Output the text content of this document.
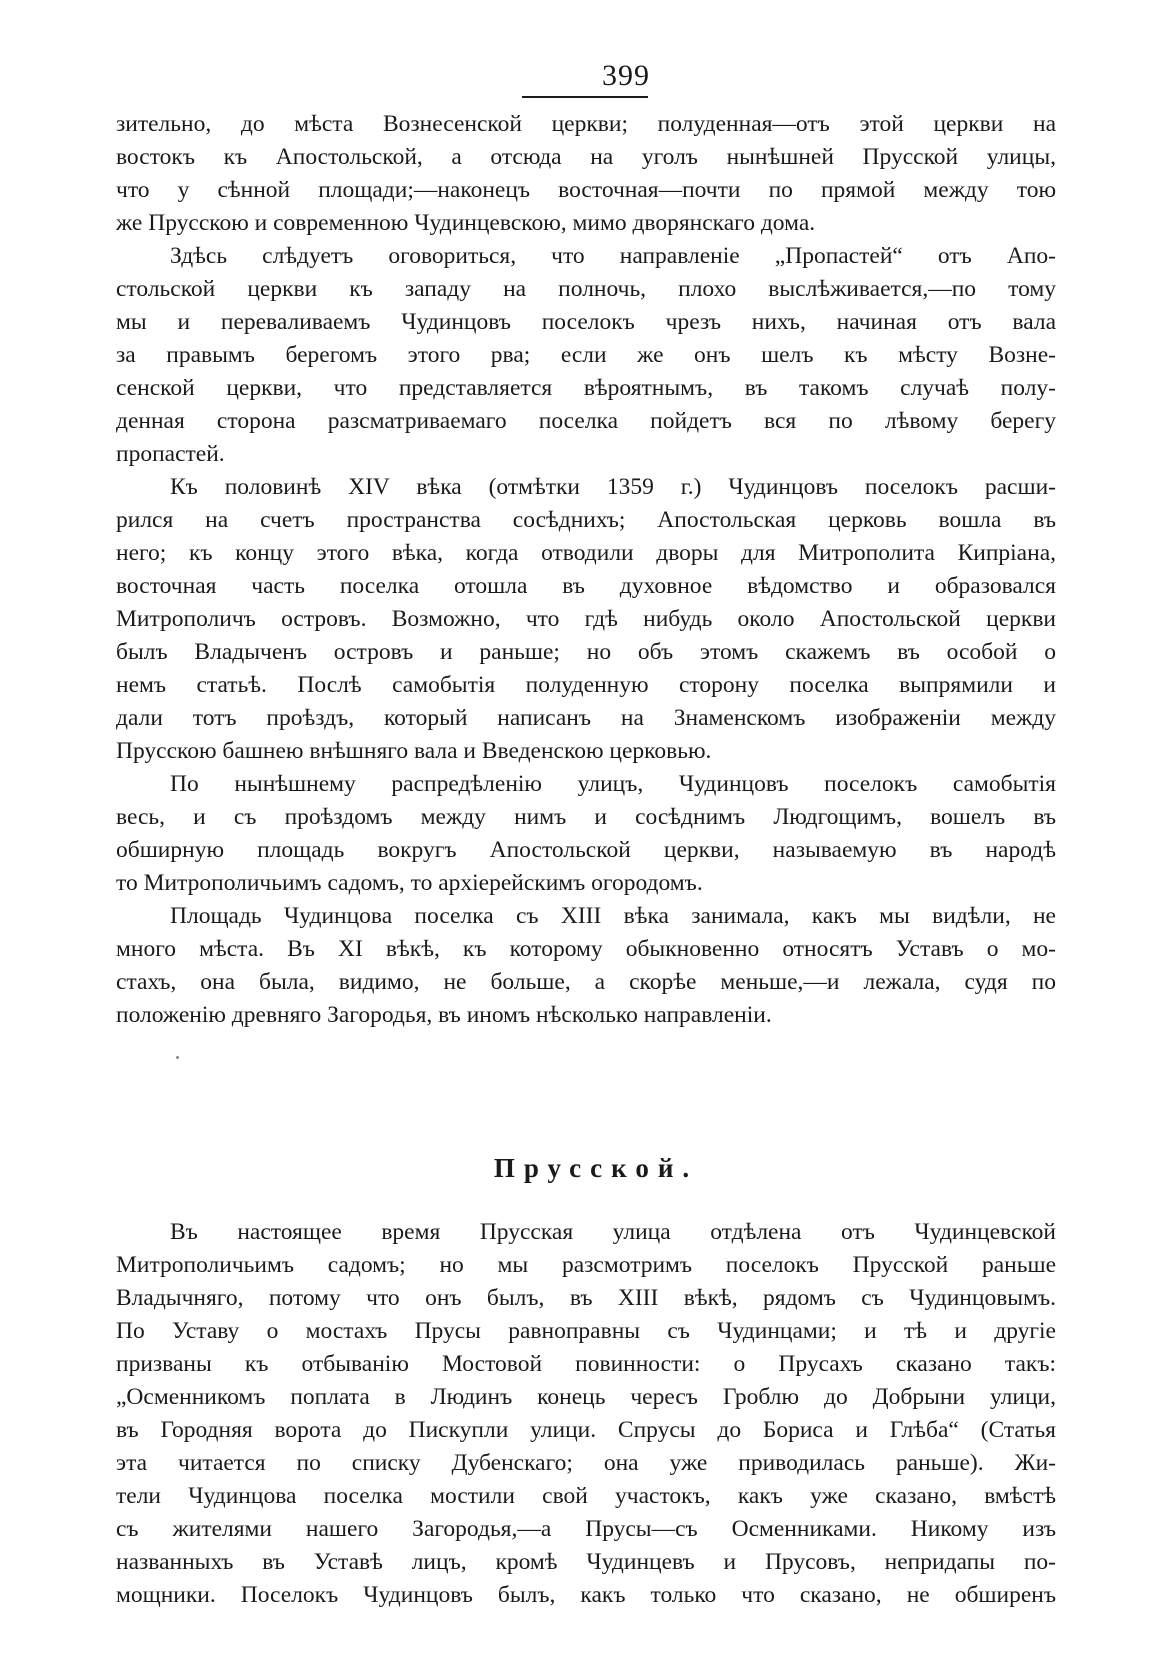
399
зительно, до мѣста Вознесенской церкви; полуденная—отъ этой церкви на
востокъ къ Апостольской, а отсюда на уголъ нынѣшней Прусской улицы,
что у сѣнной площади;—наконецъ восточная—почти по прямой между тою
же Прусскою и современною Чудинцевскою, мимо дворянскаго дома.
Здѣсь слѣдуетъ оговориться, что направленіе „Пропастей“ отъ Апо-
стольской церкви къ западу на полночь, плохо выслѣживается,—по тому
мы и переваливаемъ Чудинцовъ поселокъ чрезъ нихъ, начиная отъ вала
за правымъ берегомъ этого рва; если же онъ шелъ къ мѣсту Возне-
сенской церкви, что представляется вѣроятнымъ, въ такомъ случаѣ полу-
денная сторона разсматриваемаго поселка пойдетъ вся по лѣвому берегу
пропастей.
Къ половинѣ XIV вѣка (отмѣтки 1359 г.) Чудинцовъ поселокъ расши-
рился на счетъ пространства сосѣднихъ; Апостольская церковь вошла въ
него; къ концу этого вѣка, когда отводили дворы для Митрополита Кипріана,
восточная часть поселка отошла въ духовное вѣдомство и образовался
Митрополичъ островъ. Возможно, что гдѣ нибудь около Апостольской церкви
былъ Владыченъ островъ и раньше; но объ этомъ скажемъ въ особой о
немъ статьѣ. Послѣ самобытія полуденную сторону поселка выпрямили и
дали тотъ проѣздъ, который написанъ на Знаменскомъ изображеніи между
Прусскою башнею внѣшняго вала и Введенскою церковью.
По нынѣшнему распредѣленію улицъ, Чудинцовъ поселокъ самобытія
весь, и съ проѣздомъ между нимъ и сосѣднимъ Людгощимъ, вошелъ въ
обширную площадь вокругъ Апостольской церкви, называемую въ народѣ
то Митрополичьимъ садомъ, то архіерейскимъ огородомъ.
Площадь Чудинцова поселка съ XIII вѣка занимала, какъ мы видѣли, не
много мѣста. Въ XI вѣкѣ, къ которому обыкновенно относятъ Уставъ о мо-
стахъ, она была, видимо, не больше, а скорѣе меньше,—и лежала, судя по
положенію древняго Загородья, въ иномъ нѣсколько направленіи.
Прусской.
Въ настоящее время Прусская улица отдѣлена отъ Чудинцевской
Митрополичьимъ садомъ; но мы разсмотримъ поселокъ Прусской раньше
Владычняго, потому что онъ былъ, въ XIII вѣкѣ, рядомъ съ Чудинцовымъ.
По Уставу о мостахъ Прусы равноправны съ Чудинцами; и тѣ и другіе
призваны къ отбыванію Мостовой повинности: о Прусахъ сказано такъ:
„Осменникомъ поплата в Людинъ конець чересъ Гроблю до Добрыни улици,
въ Городняя ворота до Пискупли улици. Спрусы до Бориса и Глѣба“ (Статья
эта читается по списку Дубенскаго; она уже приводилась раньше). Жи-
тели Чудинцова поселка мостили свой участокъ, какъ уже сказано, вмѣстѣ
съ жителями нашего Загородья,—а Прусы—съ Осменниками. Никому изъ
названныхъ въ Уставѣ лицъ, кромѣ Чудинцевъ и Прусовъ, непридапы по-
мощники. Поселокъ Чудинцовъ былъ, какъ только что сказано, не обширенъ
